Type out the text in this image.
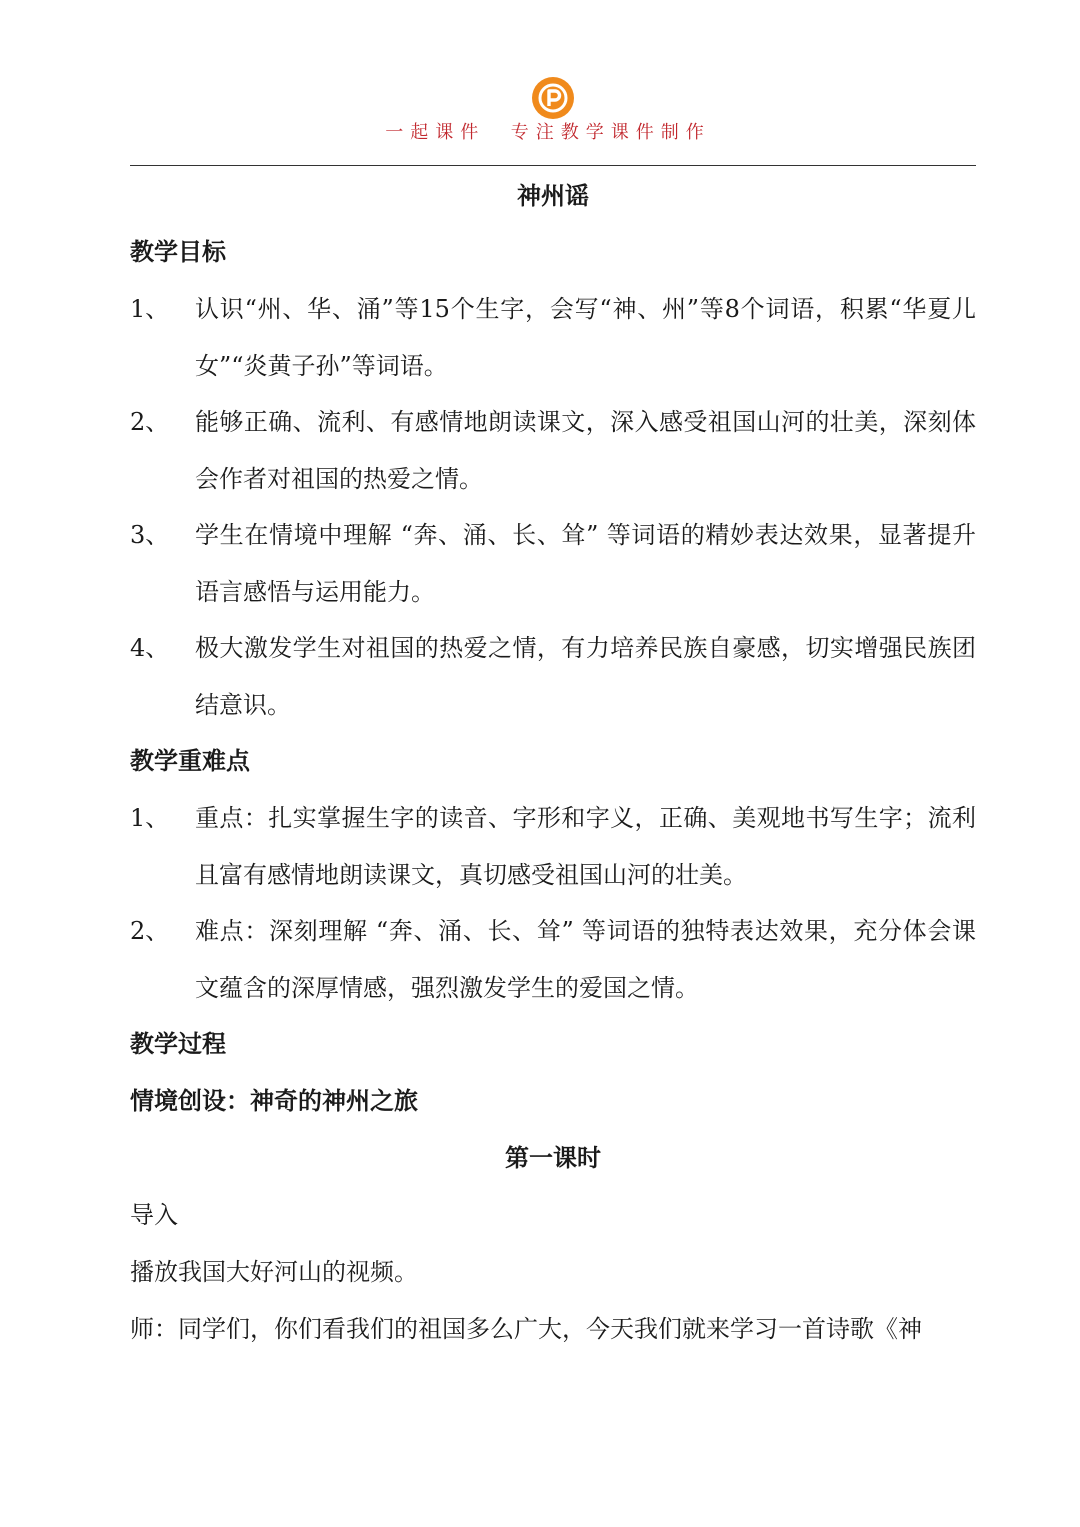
一起课件  专注教学课件制作
神州谣
教学目标
1、 认识“州、华、涌”等15个生字，会写“神、州”等8个词语，积累“华夏儿女”“炎黄子孙”等词语。
2、 能够正确、流利、有感情地朗读课文，深入感受祖国山河的壮美，深刻体会作者对祖国的热爱之情。
3、 学生在情境中理解 “奔、涌、长、耸” 等词语的精妙表达效果，显著提升语言感悟与运用能力。
4、 极大激发学生对祖国的热爱之情，有力培养民族自豪感，切实增强民族团结意识。
教学重难点
1、 重点：扎实掌握生字的读音、字形和字义，正确、美观地书写生字；流利且富有感情地朗读课文，真切感受祖国山河的壮美。
2、 难点：深刻理解 “奔、涌、长、耸” 等词语的独特表达效果，充分体会课文蕴含的深厚情感，强烈激发学生的爱国之情。
教学过程
情境创设：神奇的神州之旅
第一课时
导入
播放我国大好河山的视频。
师：同学们，你们看我们的祖国多么广大，今天我们就来学习一首诗歌《神
